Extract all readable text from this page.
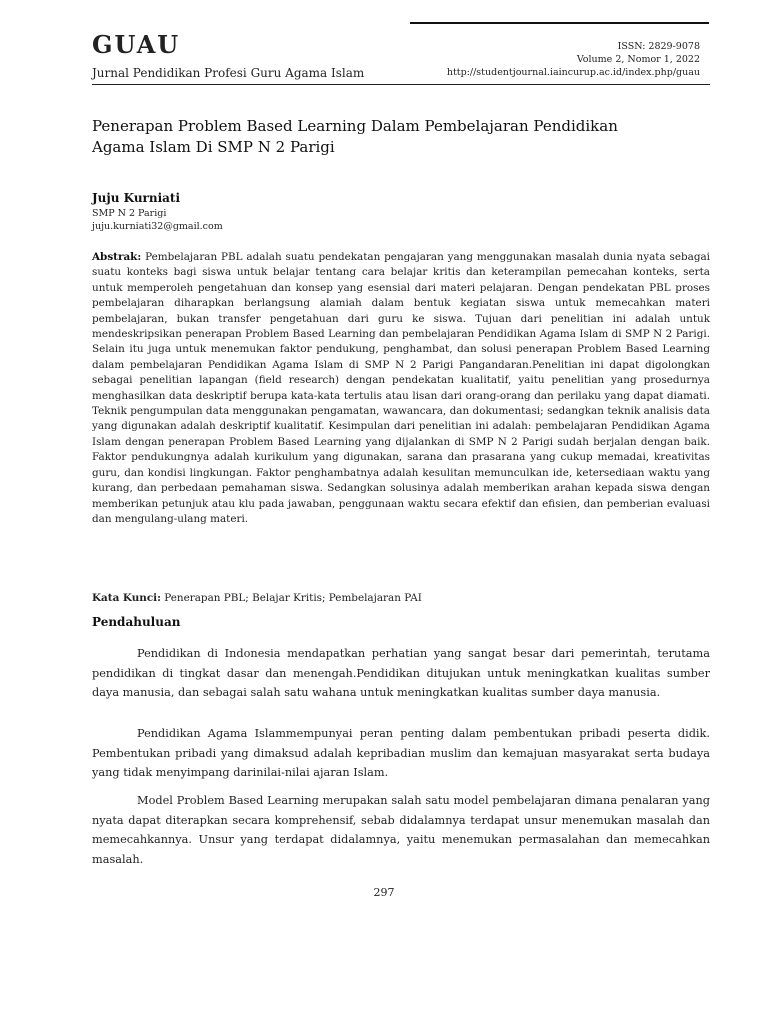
GUAU
Jurnal Pendidikan Profesi Guru Agama Islam
ISSN: 2829-9078
Volume 2, Nomor 1, 2022
http://studentjournal.iaincurup.ac.id/index.php/guau
Penerapan Problem Based Learning Dalam Pembelajaran Pendidikan
Agama Islam Di SMP N 2 Parigi
Juju Kurniati
SMP N 2 Parigi
juju.kurniati32@gmail.com
Abstrak: Pembelajaran PBL adalah suatu pendekatan pengajaran yang menggunakan masalah dunia nyata sebagai suatu konteks bagi siswa untuk belajar tentang cara belajar kritis dan keterampilan pemecahan konteks, serta untuk memperoleh pengetahuan dan konsep yang esensial dari materi pelajaran. Dengan pendekatan PBL proses pembelajaran diharapkan berlangsung alamiah dalam bentuk kegiatan siswa untuk memecahkan materi pembelajaran, bukan transfer pengetahuan dari guru ke siswa. Tujuan dari penelitian ini adalah untuk mendeskripsikan penerapan Problem Based Learning dan pembelajaran Pendidikan Agama Islam di SMP N 2 Parigi. Selain itu juga untuk menemukan faktor pendukung, penghambat, dan solusi penerapan Problem Based Learning dalam pembelajaran Pendidikan Agama Islam di SMP N 2 Parigi Pangandaran.Penelitian ini dapat digolongkan sebagai penelitian lapangan (field research) dengan pendekatan kualitatif, yaitu penelitian yang prosedurnya menghasilkan data deskriptif berupa kata-kata tertulis atau lisan dari orang-orang dan perilaku yang dapat diamati. Teknik pengumpulan data menggunakan pengamatan, wawancara, dan dokumentasi; sedangkan teknik analisis data yang digunakan adalah deskriptif kualitatif. Kesimpulan dari penelitian ini adalah: pembelajaran Pendidikan Agama Islam dengan penerapan Problem Based Learning yang dijalankan di SMP N 2 Parigi sudah berjalan dengan baik. Faktor pendukungnya adalah kurikulum yang digunakan, sarana dan prasarana yang cukup memadai, kreativitas guru, dan kondisi lingkungan. Faktor penghambatnya adalah kesulitan memunculkan ide, ketersediaan waktu yang kurang, dan perbedaan pemahaman siswa. Sedangkan solusinya adalah memberikan arahan kepada siswa dengan memberikan petunjuk atau klu pada jawaban, penggunaan waktu secara efektif dan efisien, dan pemberian evaluasi dan mengulang-ulang materi.
Kata Kunci: Penerapan PBL; Belajar Kritis; Pembelajaran PAI
Pendahuluan
Pendidikan di Indonesia mendapatkan perhatian yang sangat besar dari pemerintah, terutama pendidikan di tingkat dasar dan menengah.Pendidikan ditujukan untuk meningkatkan kualitas sumber daya manusia, dan sebagai salah satu wahana untuk meningkatkan kualitas sumber daya manusia.
Pendidikan Agama Islammempunyai peran penting dalam pembentukan pribadi peserta didik. Pembentukan pribadi yang dimaksud adalah kepribadian muslim dan kemajuan masyarakat serta budaya yang tidak menyimpang darinilai-nilai ajaran Islam.
Model Problem Based Learning merupakan salah satu model pembelajaran dimana penalaran yang nyata dapat diterapkan secara komprehensif, sebab didalamnya terdapat unsur menemukan masalah dan memecahkannya. Unsur yang terdapat didalamnya, yaitu menemukan permasalahan dan memecahkan masalah.
297
